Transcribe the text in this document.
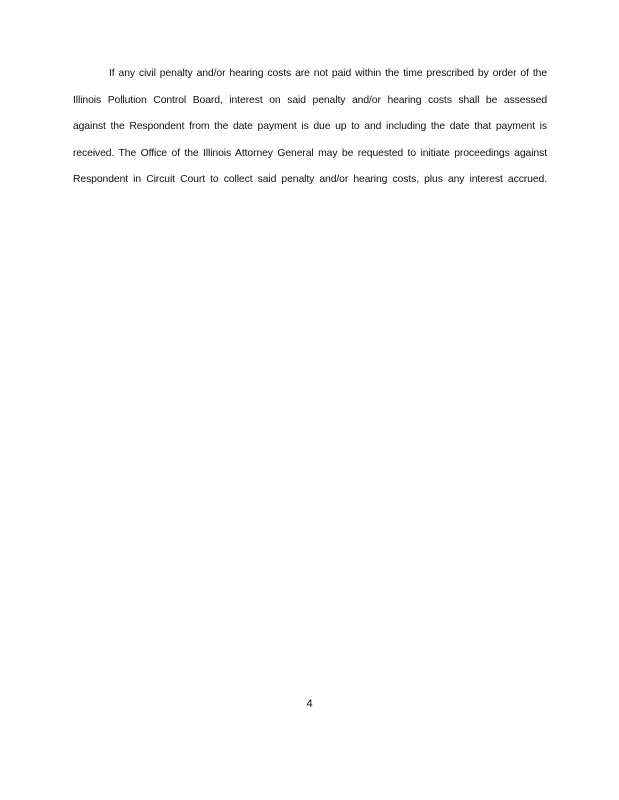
If any civil penalty and/or hearing costs are not paid within the time prescribed by order of the
Illinois Pollution Control Board, interest on said penalty and/or hearing costs shall be assessed
against the Respondent from the date payment is due up to and including the date that payment is
received. The Office of the Illinois Attorney General may be requested to initiate proceedings against
Respondent in Circuit Court to collect said penalty and/or hearing costs, plus any interest accrued.

4
